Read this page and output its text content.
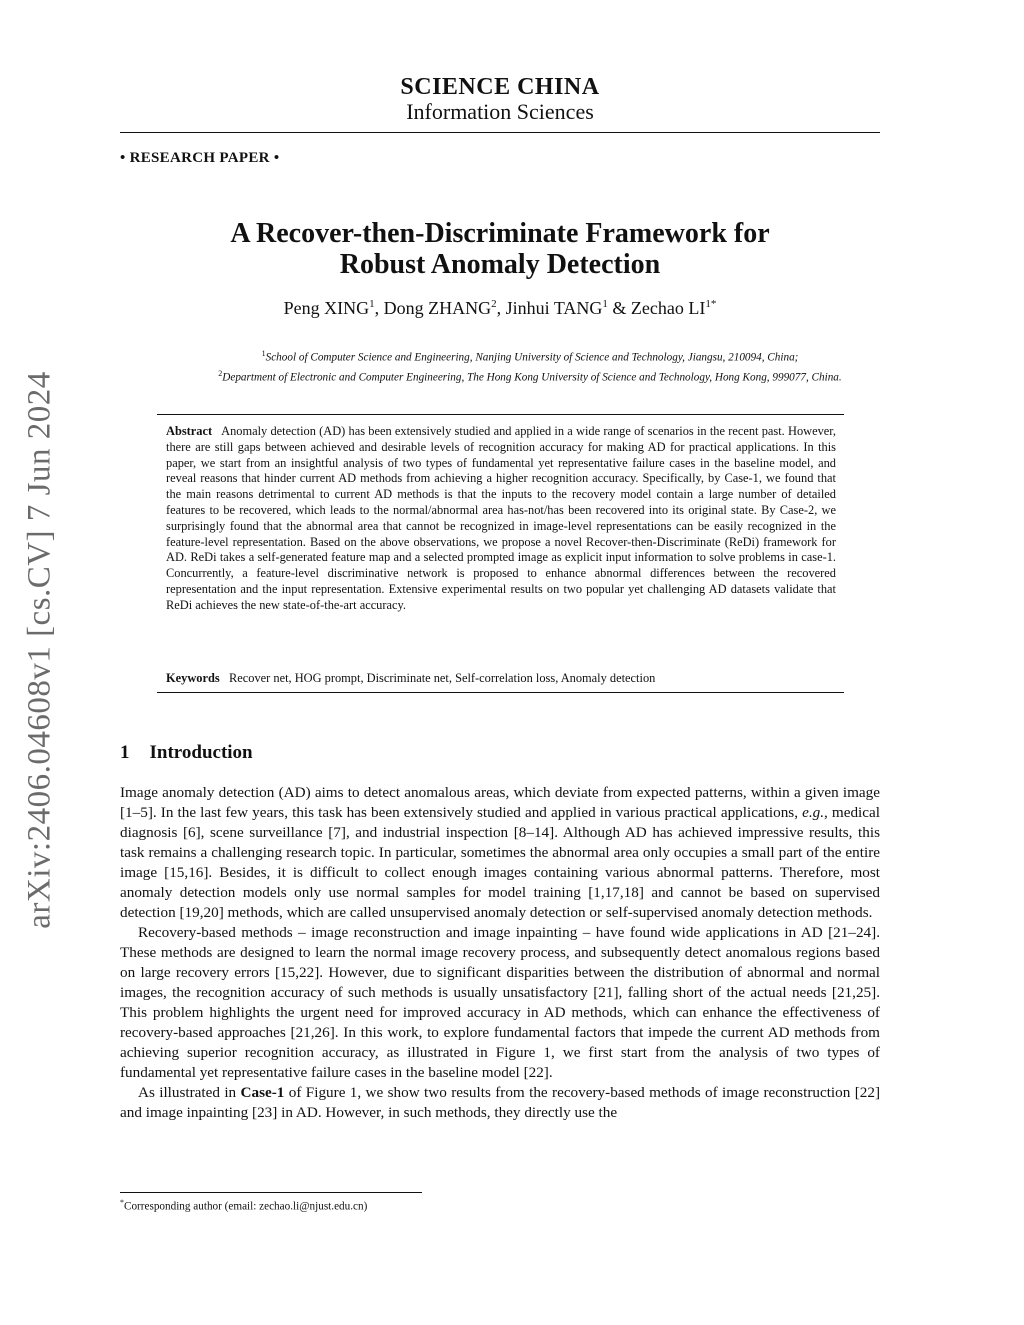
arXiv:2406.04608v1 [cs.CV] 7 Jun 2024
SCIENCE CHINA
Information Sciences
• RESEARCH PAPER •
A Recover-then-Discriminate Framework for
Robust Anomaly Detection
Peng XING$^1$, Dong ZHANG$^2$, Jinhui TANG$^1$ & Zechao $LI^{1*}$
$^1$School of Computer Science and Engineering, Nanjing University of Science and Technology, Jiangsu, 210094, China;
$^2$Department of Electronic and Computer Engineering, The Hong Kong University of Science and Technology, Hong Kong, 999077, China.
Abstract Anomaly detection (AD) has been extensively studied and applied in a wide range of scenarios in the recent past. However, there are still gaps between achieved and desirable levels of recognition accuracy for making AD for practical applications. In this paper, we start from an insightful analysis of two types of fundamental yet representative failure cases in the baseline model, and reveal reasons that hinder current AD methods from achieving a higher recognition accuracy. Specifically, by Case-1, we found that the main reasons detrimental to current AD methods is that the inputs to the recovery model contain a large number of detailed features to be recovered, which leads to the normal/abnormal area has-not/has been recovered into its original state. By Case-2, we surprisingly found that the abnormal area that cannot be recognized in image-level representations can be easily recognized in the feature-level representation. Based on the above observations, we propose a novel Recover-then-Discriminate (ReDi) framework for AD. ReDi takes a self-generated feature map and a selected prompted image as explicit input information to solve problems in case-1. Concurrently, a feature-level discriminative network is proposed to enhance abnormal differences between the recovered representation and the input representation. Extensive experimental results on two popular yet challenging AD datasets validate that ReDi achieves the new state-of-the-art accuracy.
Keywords Recover net, HOG prompt, Discriminate net, Self-correlation loss, Anomaly detection
1 Introduction

Image anomaly detection (AD) aims to detect anomalous areas, which deviate from expected patterns, within a given image [1–5]. In the last few years, this task has been extensively studied and applied in various practical applications, e.g., medical diagnosis [6], scene surveillance [7], and industrial inspection [8–14]. Although AD has achieved impressive results, this task remains a challenging research topic. In particular, sometimes the abnormal area only occupies a small part of the entire image [15,16]. Besides, it is difficult to collect enough images containing various abnormal patterns. Therefore, most anomaly detection models only use normal samples for model training [1,17,18] and cannot be based on supervised detection [19,20] methods, which are called unsupervised anomaly detection or self-supervised anomaly detection methods.

Recovery-based methods – image reconstruction and image inpainting – have found wide applications in AD [21–24]. These methods are designed to learn the normal image recovery process, and subsequently detect anomalous regions based on large recovery errors [15,22]. However, due to significant disparities between the distribution of abnormal and normal images, the recognition accuracy of such methods is usually unsatisfactory [21], falling short of the actual needs [21,25]. This problem highlights the urgent need for improved accuracy in AD methods, which can enhance the effectiveness of recovery-based approaches [21,26]. In this work, to explore fundamental factors that impede the current AD methods from achieving superior recognition accuracy, as illustrated in Figure 1, we first start from the analysis of two types of fundamental yet representative failure cases in the baseline model [22].

As illustrated in Case-1 of Figure 1, we show two results from the recovery-based methods of image reconstruction [22] and image inpainting [23] in AD. However, in such methods, they directly use the

*Corresponding author (email: zechao.li@njust.edu.cn)
